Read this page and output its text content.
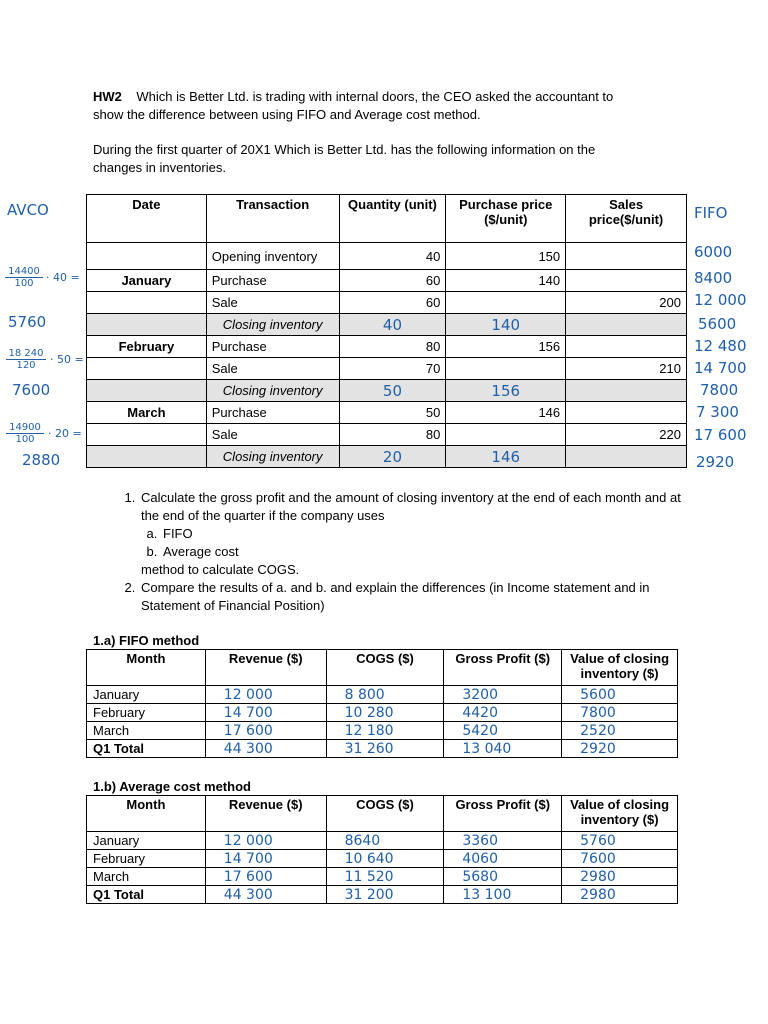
HW2 Which is Better Ltd. is trading with internal doors, the CEO asked the accountant to
show the difference between using FIFO and Average cost method.

During the first quarter of 20X1 Which is Better Ltd. has the following information on the
changes in inventories.

Date	Transaction	Quantity (unit)	Purchase price ($/unit)	Sales price($/unit)
	Opening inventory	40	150	
January	Purchase	60	140	
	Sale	60		200
	Closing inventory	40	140	
February	Purchase	80	156	
	Sale	70		210
	Closing inventory	50	156	
March	Purchase	50	146	
	Sale	80		220
	Closing inventory	20	146	
AVCO
$\frac{14400}{100} \cdot 40$ =
5760
$\frac{18 240}{120} \cdot 50$ =
7600
$\frac{14900}{100} \cdot 20$ =
2880
FIFO
6000
8400
12 000
5600
12 480
14 700
7800
7 300
17 600
2920
1. Calculate the gross profit and the amount of closing inventory at the end of each month and at the end of the quarter if the company uses
a. FIFO
b. Average cost
method to calculate COGS.
2. Compare the results of a. and b. and explain the differences (in Income statement and in Statement of Financial Position)
1.a) FIFO method
Month	Revenue ($)	COGS ($)	Gross Profit ($)	Value of closing inventory ($)
January	12 000	8 800	3200	5600
February	14 700	10 280	4420	7800
March	17 600	12 180	5420	2520
Q1 Total	44 300	31 260	13 040	2920
1.b) Average cost method
Month	Revenue ($)	COGS ($)	Gross Profit ($)	Value of closing inventory ($)
January	12 000	8640	3360	5760
February	14 700	10 640	4060	7600
March	17 600	11 520	5680	2980
Q1 Total	44 300	31 200	13 100	2980
